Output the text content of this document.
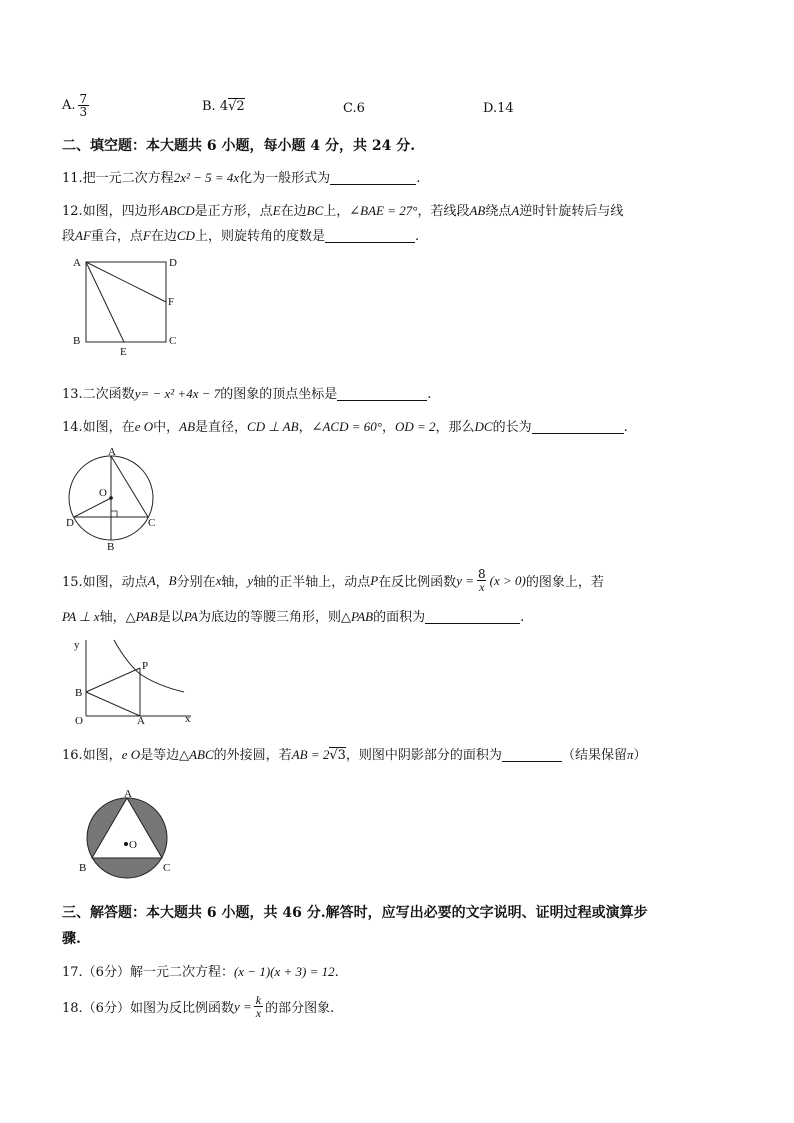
A. $\frac{7}{3}$	B. 4√2	C.6	D.14
二、填空题：本大题共 6 小题，每小题 4 分，共 24 分.
11.把一元二次方程2x² − 5 = 4x化为一般形式为	.
12.如图，四边形ABCD是正方形，点E在边BC上，∠BAE = 27°，若线段AB绕点A逆时针旋转后与线
段AF重合，点F在边CD上，则旋转角的度数是	.
A	D
B	C
E
F
13.二次函数y= − x² +4x − 7的图象的顶点坐标是	.
14.如图，在e O中，AB是直径，CD ⊥ AB，∠ACD = 60°，OD = 2，那么DC的长为	.
A
O
D	C
B
15.如图，动点 A ， B 分别在 x 轴， y 轴的正半轴上，动点 P 在反比例函数 $y = \frac{8}{x} (x > 0)$ 的图象上，若
PA ⊥ x轴，△PAB是以PA为底边的等腰三角形，则△PAB的面积为	.
y
x
O	A
B
P
16.如图，e O是等边△ABC的外接圆，若AB = 2√3，则图中阴影部分的面积为	（结果保留π）
A
B	C
O
三、解答题：本大题共 6 小题，共 46 分.解答时，应写出必要的文字说明、证明过程或演算步
骤.
17.（6分）解一元二次方程：(x − 1)(x + 3) = 12.
18.（6分）如图为反比例函数 $y = \frac{k}{x}$ 的部分图象.
